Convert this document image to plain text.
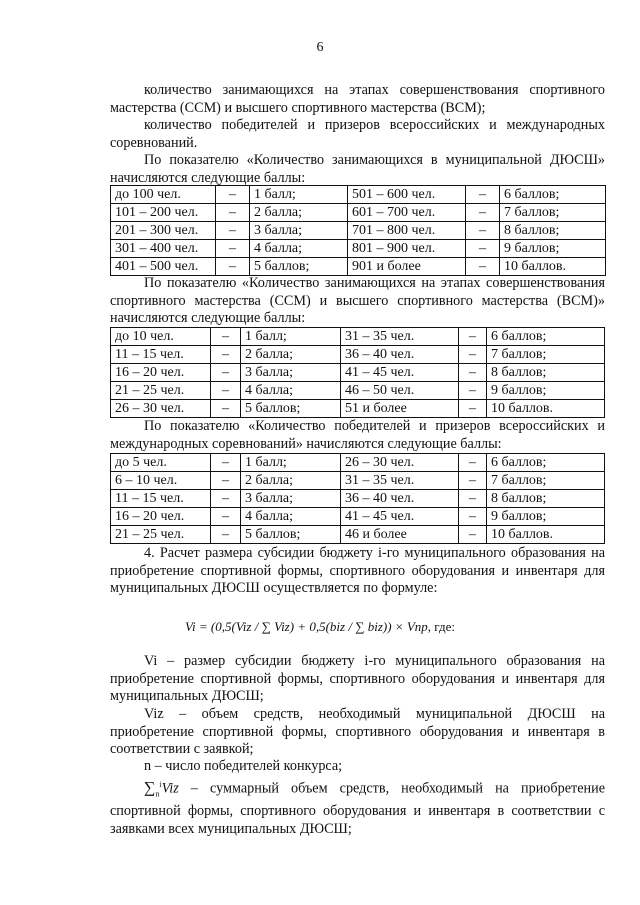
6

количество занимающихся на этапах совершенствования спортивного мастерства (ССМ) и высшего спортивного мастерства (ВСМ);

количество победителей и призеров всероссийских и международных соревнований.

По показателю «Количество занимающихся в муниципальной ДЮСШ» начисляются следующие баллы:

до 100 чел.	–	1 балл;	501 – 600 чел.	–	6 баллов;
101 – 200 чел.	–	2 балла;	601 – 700 чел.	–	7 баллов;
201 – 300 чел.	–	3 балла;	701 – 800 чел.	–	8 баллов;
301 – 400 чел.	–	4 балла;	801 – 900 чел.	–	9 баллов;
401 – 500 чел.	–	5 баллов;	901 и более	–	10 баллов.

По показателю «Количество занимающихся на этапах совершенствования спортивного мастерства (ССМ) и высшего спортивного мастерства (ВСМ)» начисляются следующие баллы:

до 10 чел.	–	1 балл;	31 – 35 чел.	–	6 баллов;
11 – 15 чел.	–	2 балла;	36 – 40 чел.	–	7 баллов;
16 – 20 чел.	–	3 балла;	41 – 45 чел.	–	8 баллов;
21 – 25 чел.	–	4 балла;	46 – 50 чел.	–	9 баллов;
26 – 30 чел.	–	5 баллов;	51 и более	–	10 баллов.

По показателю «Количество победителей и призеров всероссийских и международных соревнований» начисляются следующие баллы:

до 5 чел.	–	1 балл;	26 – 30 чел.	–	6 баллов;
6 – 10 чел.	–	2 балла;	31 – 35 чел.	–	7 баллов;
11 – 15 чел.	–	3 балла;	36 – 40 чел.	–	8 баллов;
16 – 20 чел.	–	4 балла;	41 – 45 чел.	–	9 баллов;
21 – 25 чел.	–	5 баллов;	46 и более	–	10 баллов.

4. Расчет размера субсидии бюджету i-го муниципального образования на приобретение спортивной формы, спортивного оборудования и инвентаря для муниципальных ДЮСШ осуществляется по формуле:

Vi = (0,5(Viz / ∑ Viz) + 0,5(biz / ∑ biz)) × Vnp, где:

Vi – размер субсидии бюджету i-го муниципального образования на приобретение спортивной формы, спортивного оборудования и инвентаря для муниципальных ДЮСШ;

Viz – объем средств, необходимый муниципальной ДЮСШ на приобретение спортивной формы, спортивного оборудования и инвентаря в соответствии с заявкой;

n – число победителей конкурса;

$\sum_n^iViz$ – суммарный объем средств, необходимый на приобретение спортивной формы, спортивного оборудования и инвентаря в соответствии с заявками всех муниципальных ДЮСШ;
